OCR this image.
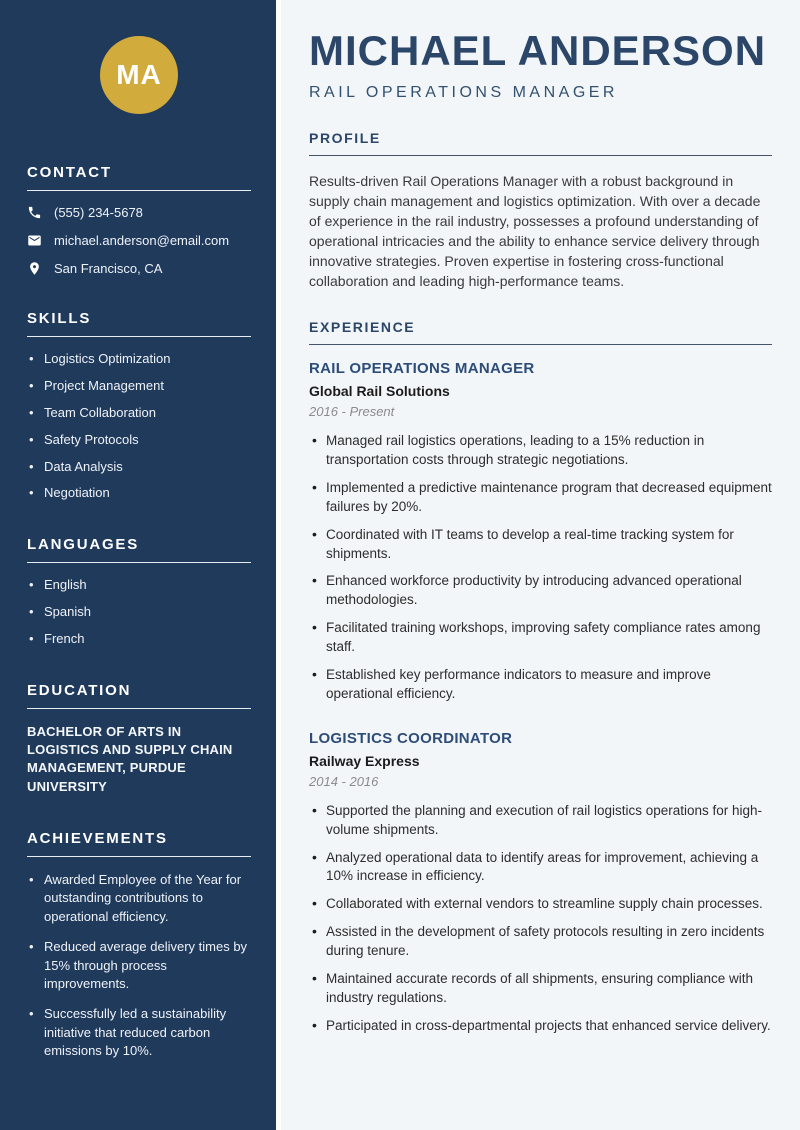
MA
CONTACT
(555) 234-5678
michael.anderson@email.com
San Francisco, CA
SKILLS
• Logistics Optimization
• Project Management
• Team Collaboration
• Safety Protocols
• Data Analysis
• Negotiation
LANGUAGES
• English
• Spanish
• French
EDUCATION
BACHELOR OF ARTS IN LOGISTICS AND SUPPLY CHAIN MANAGEMENT, PURDUE UNIVERSITY
ACHIEVEMENTS
• Awarded Employee of the Year for outstanding contributions to operational efficiency.
• Reduced average delivery times by 15% through process improvements.
• Successfully led a sustainability initiative that reduced carbon emissions by 10%.
MICHAEL ANDERSON
RAIL OPERATIONS MANAGER
PROFILE

Results-driven Rail Operations Manager with a robust background in supply chain management and logistics optimization. With over a decade of experience in the rail industry, possesses a profound understanding of operational intricacies and the ability to enhance service delivery through innovative strategies. Proven expertise in fostering cross-functional collaboration and leading high-performance teams.

EXPERIENCE
RAIL OPERATIONS MANAGER
Global Rail Solutions
2016 - Present
• Managed rail logistics operations, leading to a 15% reduction in transportation costs through strategic negotiations.
• Implemented a predictive maintenance program that decreased equipment failures by 20%.
• Coordinated with IT teams to develop a real-time tracking system for shipments.
• Enhanced workforce productivity by introducing advanced operational methodologies.
• Facilitated training workshops, improving safety compliance rates among staff.
• Established key performance indicators to measure and improve operational efficiency.
LOGISTICS COORDINATOR
Railway Express
2014 - 2016
• Supported the planning and execution of rail logistics operations for high-volume shipments.
• Analyzed operational data to identify areas for improvement, achieving a 10% increase in efficiency.
• Collaborated with external vendors to streamline supply chain processes.
• Assisted in the development of safety protocols resulting in zero incidents during tenure.
• Maintained accurate records of all shipments, ensuring compliance with industry regulations.
• Participated in cross-departmental projects that enhanced service delivery.
